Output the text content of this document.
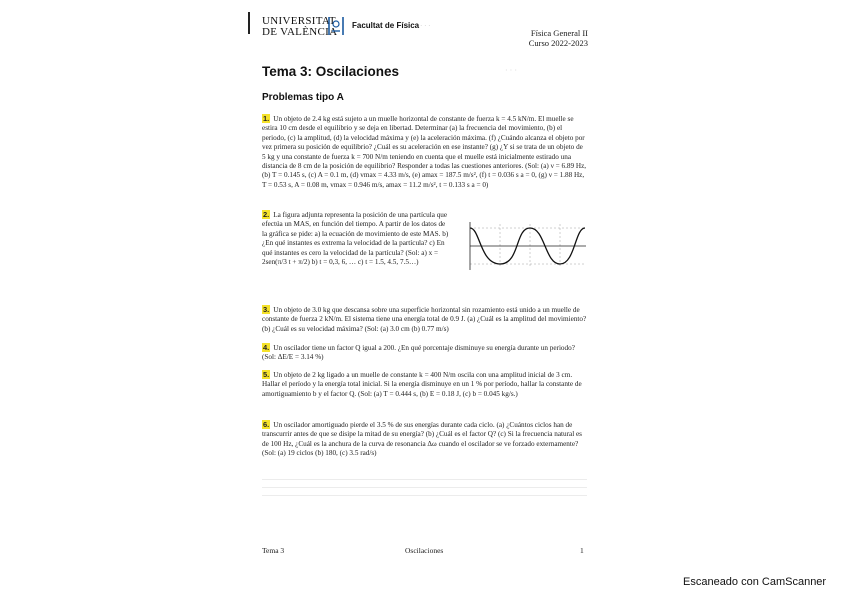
UNIVERSITAT
DE VALÈNCIA
Facultat de Física · · ·
Física General II
Curso 2022-2023
Tema 3: Oscilaciones	· · ·
Problemas tipo A
1. Un objeto de 2.4 kg está sujeto a un muelle horizontal de constante de fuerza k = 4.5 kN/m. El muelle se estira 10 cm desde el equilibrio y se deja en libertad. Determinar (a) la frecuencia del movimiento, (b) el periodo, (c) la amplitud, (d) la velocidad máxima y (e) la aceleración máxima. (f) ¿Cuándo alcanza el objeto por vez primera su posición de equilibrio? ¿Cuál es su aceleración en ese instante? (g) ¿Y si se trata de un objeto de 5 kg y una constante de fuerza k = 700 N/m teniendo en cuenta que el muelle está inicialmente estirado una distancia de 8 cm de la posición de equilibrio? Responder a todas las cuestiones anteriores. (Sol: (a) ν = 6.89 Hz, (b) T = 0.145 s, (c) A = 0.1 m, (d) vmax = 4.33 m/s, (e) amax = 187.5 m/s², (f) t = 0.036 s a = 0, (g) ν = 1.88 Hz, T = 0.53 s, A = 0.08 m, vmax = 0.946 m/s, amax = 11.2 m/s², t = 0.133 s a = 0)
2. La figura adjunta representa la posición de una partícula que efectúa un MAS, en función del tiempo. A partir de los datos de la gráfica se pide: a) la ecuación de movimiento de este MAS. b) ¿En qué instantes es extrema la velocidad de la partícula? c) En qué instantes es cero la velocidad de la partícula? (Sol: a) x = 2sen(π/3 t + π/2) b) t = 0,3, 6, … c) t = 1.5, 4.5, 7.5…)
3. Un objeto de 3.0 kg que descansa sobre una superficie horizontal sin rozamiento está unido a un muelle de constante de fuerza 2 kN/m. El sistema tiene una energía total de 0.9 J. (a) ¿Cuál es la amplitud del movimiento? (b) ¿Cuál es su velocidad máxima? (Sol: (a) 3.0 cm (b) 0.77 m/s)
4. Un oscilador tiene un factor Q igual a 200. ¿En qué porcentaje disminuye su energía durante un periodo? (Sol: ΔE/E = 3.14 %)
5. Un objeto de 2 kg ligado a un muelle de constante k = 400 N/m oscila con una amplitud inicial de 3 cm. Hallar el período y la energía total inicial. Si la energía disminuye en un 1 % por período, hallar la constante de amortiguamiento b y el factor Q. (Sol: (a) T = 0.444 s, (b) E = 0.18 J, (c) b = 0.045 kg/s.)
6. Un oscilador amortiguado pierde el 3.5 % de sus energías durante cada ciclo. (a) ¿Cuántos ciclos han de transcurrir antes de que se disipe la mitad de su energía? (b) ¿Cuál es el factor Q? (c) Si la frecuencia natural es de 100 Hz, ¿Cuál es la anchura de la curva de resonancia Δω cuando el oscilador se ve forzado externamente? (Sol: (a) 19 ciclos (b) 180, (c) 3.5 rad/s)
Tema 3	Oscilaciones	1
Escaneado con CamScanner
